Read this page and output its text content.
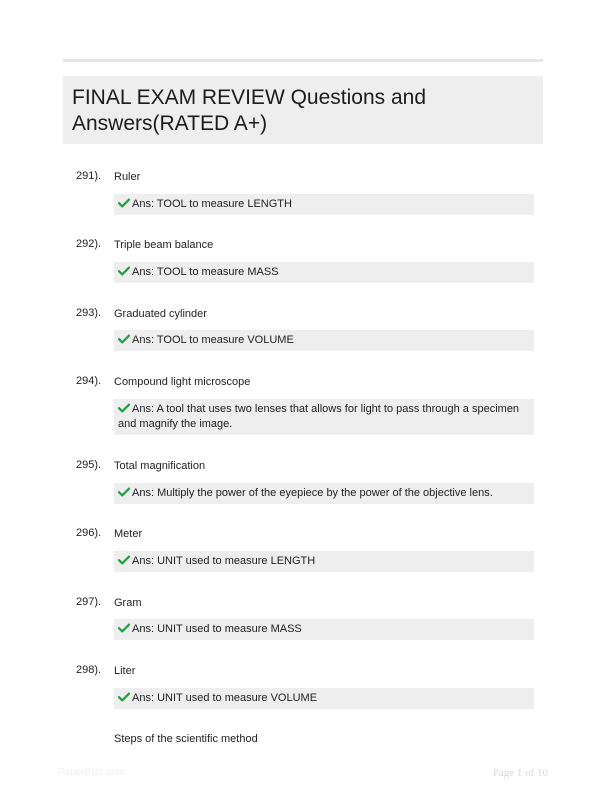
FINAL EXAM REVIEW Questions and Answers(RATED A+)
291). Ruler
Ans: TOOL to measure LENGTH
292). Triple beam balance
Ans: TOOL to measure MASS
293). Graduated cylinder
Ans: TOOL to measure VOLUME
294). Compound light microscope
Ans: A tool that uses two lenses that allows for light to pass through a specimen and magnify the image.
295). Total magnification
Ans: Multiply the power of the eyepiece by the power of the objective lens.
296). Meter
Ans: UNIT used to measure LENGTH
297). Gram
Ans: UNIT used to measure MASS
298). Liter
Ans: UNIT used to measure VOLUME
Steps of the scientific method
PaperBlitz.com	Page 1 of 10
